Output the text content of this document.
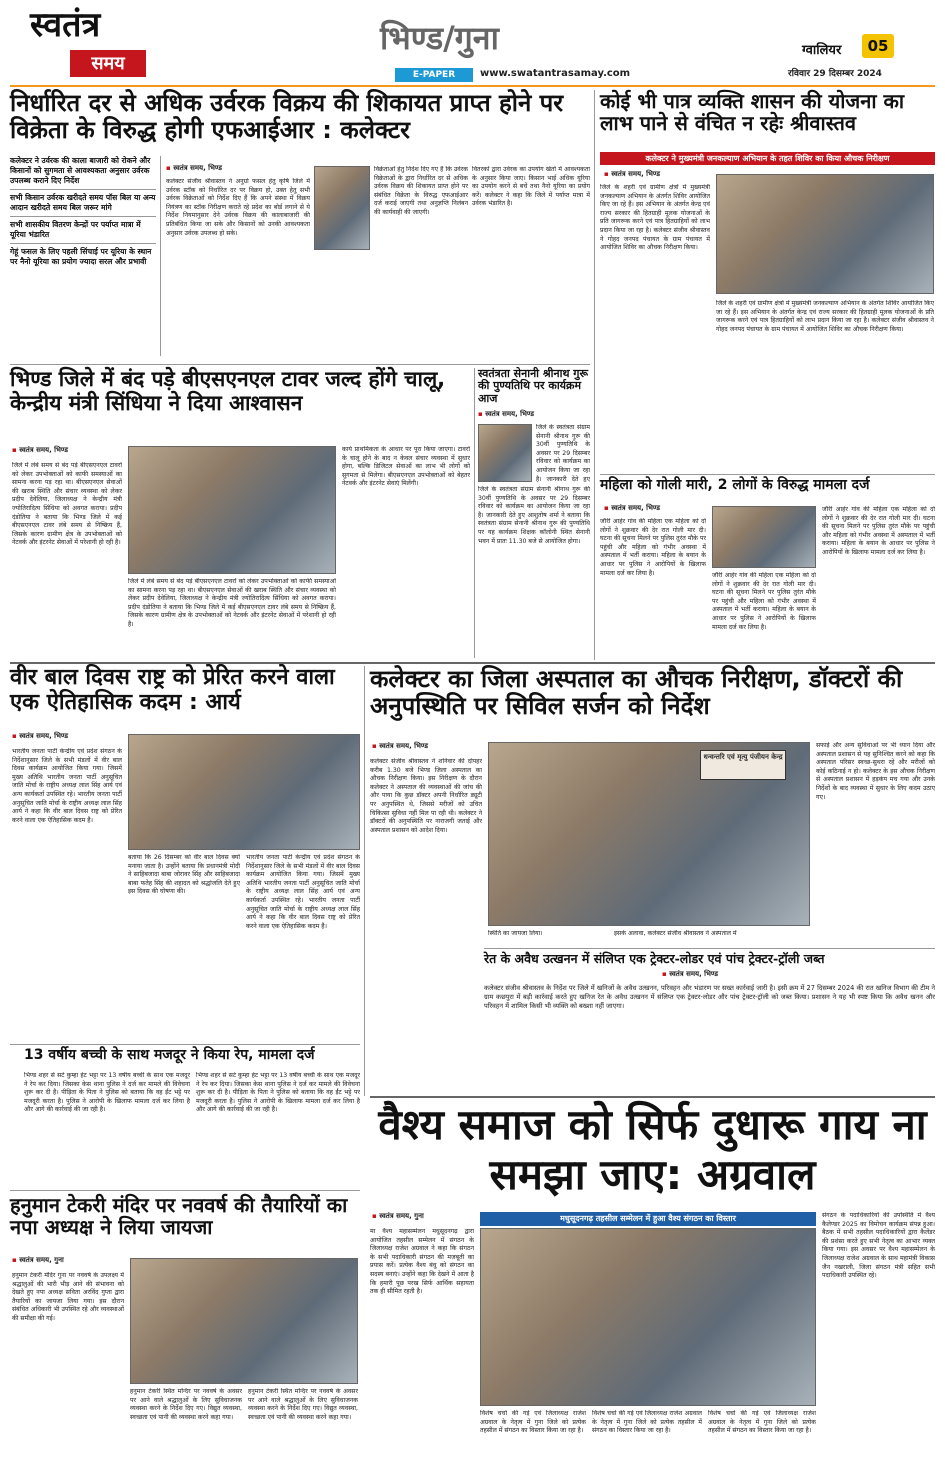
स्वतंत्र
समय
भिण्ड/गुना
E-PAPER	www.swatantrasamay.com
ग्वालियर	05
रविवार 29 दिसम्बर 2024
निर्धारित दर से अधिक उर्वरक विक्रय की शिकायत प्राप्त होने पर विक्रेता के विरुद्ध होगी एफआईआर : कलेक्टर
कलेक्टर ने उर्वरक की काला बाजारी को रोकने और किसानों को सुगमता से आवश्यकता अनुसार उर्वरक उपलब्ध कराने दिए निर्देश
सभी किसान उर्वरक खरीदते समय पॉस बिल या अन्य आदान खरीदते समय बिल जरूर मांगे
सभी शासकीय वितरण केन्द्रों पर पर्याप्त मात्रा में यूरिया भंडारित
गेहूं फसल के लिए पहली सिंचाई पर यूरिया के स्थान पर नैनो यूरिया का प्रयोग ज्यादा सरल और प्रभावी
▪ स्वतंत्र समय, भिण्ड
कलेक्टर संजीव श्रीवास्तव ने अनुग्रो फसल हेतु कृषि जिले में उर्वरक स्टॉक को निर्धारित दर पर विक्रय हो, उक्त हेतु सभी उर्वरक विक्रेताओं को निर्देश दिए हैं कि अपने संस्था में विक्रय नियंत्रण का स्टॉक निरीक्षण कराते रहे प्रदेश का बोर्ड लगाने से ये निर्देश नियमानुसार देने उर्वरक विक्रय की कालाबाजारी की प्रतिबंधित किया जा सके और किसानों को उनकी आवश्यकता अनुसार उर्वरक उपलब्ध हो सके।
विक्रेताओं हेतु निर्देश दिए गए हैं कि उर्वरक विक्रेताओं के द्वारा निर्धारित दर से अधिक उर्वरक विक्रय की शिकायत प्राप्त होने पर संबंधित विक्रेता के विरुद्ध एफआईआर दर्ज कराई जाएगी तथा अनुज्ञप्ति निलंबन की कार्यवाही की जाएगी।
वितरकों द्वारा उर्वरक का उपयोग खेतों में आवश्यकता के अनुसार किया जाए। किसान भाई अधिक यूरिया का उपयोग करने से बचें तथा नैनो यूरिया का प्रयोग करें। कलेक्टर ने कहा कि जिले में पर्याप्त मात्रा में उर्वरक भंडारित है।
कोई भी पात्र व्यक्ति शासन की योजना का लाभ पाने से वंचित न रहेः श्रीवास्तव
कलेक्टर ने मुख्यमंत्री जनकल्याण अभियान के तहत शिविर का किया औचक निरीक्षण
▪ स्वतंत्र समय, भिण्ड
जिले के शहरी एवं ग्रामीण क्षेत्रों में मुख्यमंत्री जनकल्याण अभियान के अंतर्गत शिविर आयोजित किए जा रहे हैं। इस अभियान के अंतर्गत केन्द्र एवं राज्य सरकार की हितग्राही मूलक योजनाओं के प्रति जागरूक करने एवं पात्र हितग्राहियों को लाभ प्रदान किया जा रहा है। कलेक्टर संजीव श्रीवास्तव ने गोहद जनपद पंचायत के ग्राम पंचायत में आयोजित शिविर का औचक निरीक्षण किया।
जिले के शहरी एवं ग्रामीण क्षेत्रों में मुख्यमंत्री जनकल्याण अभियान के अंतर्गत शिविर आयोजित किए जा रहे हैं। इस अभियान के अंतर्गत केन्द्र एवं राज्य सरकार की हितग्राही मूलक योजनाओं के प्रति जागरूक करने एवं पात्र हितग्राहियों को लाभ प्रदान किया जा रहा है। कलेक्टर संजीव श्रीवास्तव ने गोहद जनपद पंचायत के ग्राम पंचायत में आयोजित शिविर का औचक निरीक्षण किया।
भिण्ड जिले में बंद पड़े बीएसएनएल टावर जल्द होंगे चालू, केन्द्रीय मंत्री सिंधिया ने दिया आश्वासन
▪ स्वतंत्र समय, भिण्ड
जिले में लंबे समय से बंद पड़े बीएसएनएल टावरों को लेकर उपभोक्ताओं को काफी समस्याओं का सामना करना पड़ रहा था। बीएसएनएल सेवाओं की खराब स्थिति और संचार व्यवस्था को लेकर प्रदीप देवेलिया, जिलाध्यक्ष ने केन्द्रीय मंत्री ज्योतिरादित्य सिंधिया को अवगत कराया। प्रदीप दंडोतिया ने बताया कि भिण्ड जिले में कई बीएसएनएल टावर लंबे समय से निष्क्रिय हैं, जिसके कारण ग्रामीण क्षेत्र के उपभोक्ताओं को नेटवर्क और इंटरनेट सेवाओं में परेशानी हो रही है।
जिले में लंबे समय से बंद पड़े बीएसएनएल टावरों को लेकर उपभोक्ताओं को काफी समस्याओं का सामना करना पड़ रहा था। बीएसएनएल सेवाओं की खराब स्थिति और संचार व्यवस्था को लेकर प्रदीप देवेलिया, जिलाध्यक्ष ने केन्द्रीय मंत्री ज्योतिरादित्य सिंधिया को अवगत कराया। प्रदीप दंडोतिया ने बताया कि भिण्ड जिले में कई बीएसएनएल टावर लंबे समय से निष्क्रिय हैं, जिसके कारण ग्रामीण क्षेत्र के उपभोक्ताओं को नेटवर्क और इंटरनेट सेवाओं में परेशानी हो रही है।
कार्य प्राथमिकता के आधार पर पूरा किया जाएगा। टावरों के चालू होने के बाद न केवल संचार व्यवस्था में सुधार होगा, बल्कि डिजिटल सेवाओं का लाभ भी लोगों को सुगमता से मिलेगा। बीएसएनएल उपभोक्ताओं को बेहतर नेटवर्क और इंटरनेट सेवाएं मिलेंगी।
स्वतंत्रता सेनानी श्रीनाथ गुरू की पुण्यतिथि पर कार्यक्रम आज
▪ स्वतंत्र समय, भिण्ड
जिले के स्वतंत्रता संग्राम सेनानी श्रीनाथ गुरू की 30वीं पुण्यतिथि के अवसर पर 29 दिसम्बर रविवार को कार्यक्रम का आयोजन किया जा रहा है। जानकारी देते हुए
जिले के स्वतंत्रता संग्राम सेनानी श्रीनाथ गुरू की 30वीं पुण्यतिथि के अवसर पर 29 दिसम्बर रविवार को कार्यक्रम का आयोजन किया जा रहा है। जानकारी देते हुए आशुतोष शर्मा ने बताया कि स्वतंत्रता संग्राम सेनानी श्रीनाथ गुरू की पुण्यतिथि पर यह कार्यक्रम शिक्षक कॉलोनी स्थित सेनानी भवन में प्रातः 11.30 बजे से आयोजित होगा।
महिला को गोली मारी, 2 लोगों के विरुद्ध मामला दर्ज
▪ स्वतंत्र समय, भिण्ड
जौरी आहेर गांव की महिला एक महिला को दो लोगों ने शुक्रवार की देर रात गोली मार दी। घटना की सूचना मिलने पर पुलिस तुरंत मौके पर पहुंची और महिला को गंभीर अवस्था में अस्पताल में भर्ती कराया। महिला के बयान के आधार पर पुलिस ने आरोपियों के खिलाफ मामला दर्ज कर लिया है।	जौरी आहेर गांव की महिला एक महिला को दो लोगों ने शुक्रवार की देर रात गोली मार दी। घटना की सूचना मिलने पर पुलिस तुरंत मौके पर पहुंची और महिला को गंभीर अवस्था में अस्पताल में भर्ती कराया। महिला के बयान के आधार पर पुलिस ने आरोपियों के खिलाफ मामला दर्ज कर लिया है।
जौरी आहेर गांव की महिला एक महिला को दो लोगों ने शुक्रवार की देर रात गोली मार दी। घटना की सूचना मिलने पर पुलिस तुरंत मौके पर पहुंची और महिला को गंभीर अवस्था में अस्पताल में भर्ती कराया। महिला के बयान के आधार पर पुलिस ने आरोपियों के खिलाफ मामला दर्ज कर लिया है।
वीर बाल दिवस राष्ट्र को प्रेरित करने वाला एक ऐतिहासिक कदम : आर्य
▪ स्वतंत्र समय, भिण्ड
भारतीय जनता पार्टी केन्द्रीय एवं प्रदेश संगठन के निर्देशानुसार जिले के सभी मंडलों में वीर बाल दिवस कार्यक्रम आयोजित किया गया। जिसमें मुख्य अतिथि भारतीय जनता पार्टी अनुसूचित जाति मोर्चा के राष्ट्रीय अध्यक्ष लाल सिंह आर्य एवं अन्य कार्यकर्ता उपस्थित रहे। भारतीय जनता पार्टी अनुसूचित जाति मोर्चा के राष्ट्रीय अध्यक्ष लाल सिंह आर्य ने कहा कि वीर बाल दिवस राष्ट्र को प्रेरित करने वाला एक ऐतिहासिक कदम है।
बताया कि 26 दिसम्बर को वीर बाल दिवस क्यों मनाया जाता है। उन्होंने बताया कि प्रधानमंत्री मोदी ने साहिबजादा बाबा जोरावर सिंह और साहिबजादा बाबा फतेह सिंह की शहादत को श्रद्धांजलि देते हुए इस दिवस की घोषणा की।
भारतीय जनता पार्टी केन्द्रीय एवं प्रदेश संगठन के निर्देशानुसार जिले के सभी मंडलों में वीर बाल दिवस कार्यक्रम आयोजित किया गया। जिसमें मुख्य अतिथि भारतीय जनता पार्टी अनुसूचित जाति मोर्चा के राष्ट्रीय अध्यक्ष लाल सिंह आर्य एवं अन्य कार्यकर्ता उपस्थित रहे। भारतीय जनता पार्टी अनुसूचित जाति मोर्चा के राष्ट्रीय अध्यक्ष लाल सिंह आर्य ने कहा कि वीर बाल दिवस राष्ट्र को प्रेरित करने वाला एक ऐतिहासिक कदम है।
कलेक्टर का जिला अस्पताल का औचक निरीक्षण, डॉक्टरों की अनुपस्थिति पर सिविल सर्जन को निर्देश
▪ स्वतंत्र समय, भिण्ड
कलेक्टर संजीव श्रीवास्तव ने शनिवार की दोपहर करीब 1.30 बजे भिण्ड जिला अस्पताल का औचक निरीक्षण किया। इस निरीक्षण के दौरान कलेक्टर ने अस्पताल की व्यवस्थाओं की जांच की और पाया कि कुछ डॉक्टर अपनी निर्धारित ड्यूटी पर अनुपस्थित थे, जिससे मरीजों को उचित चिकित्सा सुविधा नहीं मिल पा रही थी। कलेक्टर ने डॉक्टरों की अनुपस्थिति पर नाराजगी जताई और अस्पताल प्रशासन को आदेश दिया।
धन्वन्तरि एवं मृत्यु पंजीयन केन्द्र
स्थिति का जायजा लिया।	इसके अलावा, कलेक्टर संजीव श्रीवास्तव ने अस्पताल में
सफाई और अन्य सुविधाओं पर भी ध्यान दिया और अस्पताल प्रशासन से यह सुनिश्चित करने को कहा कि अस्पताल परिसर स्वच्छ-सुथरा रहे और मरीजों को कोई कठिनाई न हो। कलेक्टर के इस औचक निरीक्षण से अस्पताल प्रशासन में हड़कंप मच गया और उनके निर्देशों के बाद व्यवस्था में सुधार के लिए कदम उठाए गए।
रेत के अवैध उत्खनन में संलिप्त एक ट्रेक्टर-लोडर एवं पांच ट्रेक्टर-ट्रॉली जब्त
▪ स्वतंत्र समय, भिण्ड
कलेक्टर संजीव श्रीवास्तव के निर्देश पर जिले में खनिजों के अवैध उत्खनन, परिवहन और भंडारण पर सख्त कार्रवाई जारी है। इसी क्रम में 27 दिसम्बर 2024 की रात खनिज विभाग की टीम ने ग्राम कछपुरा में बड़ी कार्रवाई करते हुए खनिज रेत के अवैध उत्खनन में संलिप्त एक ट्रेक्टर-लोडर और पांच ट्रेक्टर-ट्रॉली को जब्त किया। प्रशासन ने यह भी स्पष्ट किया कि अवैध खनन और परिवहन में शामिल किसी भी व्यक्ति को बख्शा नहीं जाएगा।
13 वर्षीय बच्ची के साथ मजदूर ने किया रेप, मामला दर्ज
भिण्ड शहर से सटे कुम्हा हेट भट्टा पर 13 वर्षीय बच्ची के साथ एक मजदूर ने रेप कर दिया। जिसका केस थाना पुलिस ने दर्ज कर मामले की विवेचना शुरू कर दी है। पीड़िता के पिता ने पुलिस को बताया कि वह ईंट भट्टे पर मजदूरी करता है। पुलिस ने आरोपी के खिलाफ मामला दर्ज कर लिया है और आगे की कार्रवाई की जा रही है।
भिण्ड शहर से सटे कुम्हा हेट भट्टा पर 13 वर्षीय बच्ची के साथ एक मजदूर ने रेप कर दिया। जिसका केस थाना पुलिस ने दर्ज कर मामले की विवेचना शुरू कर दी है। पीड़िता के पिता ने पुलिस को बताया कि वह ईंट भट्टे पर मजदूरी करता है। पुलिस ने आरोपी के खिलाफ मामला दर्ज कर लिया है और आगे की कार्रवाई की जा रही है।
हनुमान टेकरी मंदिर पर नववर्ष की तैयारियों का नपा अध्यक्ष ने लिया जायजा
▪ स्वतंत्र समय, गुना
हनुमान टेकरी मंदिर गुना पर नववर्ष के उपलक्ष्य में श्रद्धालुओं की भारी भीड़ आने की संभावना को देखते हुए नपा अध्यक्ष सविता अरविंद गुप्ता द्वारा तैयारियों का जायजा लिया गया। इस दौरान संबंधित अधिकारी भी उपस्थित रहे और व्यवस्थाओं की समीक्षा की गई।
हनुमान टेकरी स्थित मन्दिर पर नववर्ष के अवसर पर आने वाले श्रद्धालुओं के लिए सुविधाजनक व्यवस्था करने के निर्देश दिए गए। विद्युत व्यवस्था, स्वच्छता एवं पानी की व्यवस्था करने कहा गया।
हनुमान टेकरी स्थित मन्दिर पर नववर्ष के अवसर पर आने वाले श्रद्धालुओं के लिए सुविधाजनक व्यवस्था करने के निर्देश दिए गए। विद्युत व्यवस्था, स्वच्छता एवं पानी की व्यवस्था करने कहा गया।
वैश्य समाज को सिर्फ दुधारू गाय ना समझा जाए: अग्रवाल
▪ स्वतंत्र समय, गुना
मा वैश्य महासम्मेलन मधुसूदनगढ़ द्वारा आयोजित तहसील सम्मेलन में संगठन के जिलाध्यक्ष राजेश अग्रवाल ने कहा कि संगठन के सभी पदाधिकारी संगठन की मजबूती का प्रयास करें। प्रत्येक वैश्य बंधु को संगठन का सदस्य बनाएं। उन्होंने कहा कि देखने में आता है कि हमारी पूछ परख सिर्फ आर्थिक सहायता तक ही सीमित रहती है।
मधुसूदनगढ़ तहसील सम्मेलन में हुआ वैश्य संगठन का विस्तार
विशेष चर्चा की गई एवं जिलाध्यक्ष राजेश अग्रवाल के नेतृत्व में गुना जिले को प्रत्येक तहसील में संगठन का विस्तार किया जा रहा है।
विशेष चर्चा की गई एवं जिलाध्यक्ष राजेश अग्रवाल के नेतृत्व में गुना जिले को प्रत्येक तहसील में संगठन का विस्तार किया जा रहा है।
विशेष चर्चा की गई एवं जिलाध्यक्ष राजेश अग्रवाल के नेतृत्व में गुना जिले को प्रत्येक तहसील में संगठन का विस्तार किया जा रहा है।
संगठन के पदाधिकारियों की उपस्थिति में वैश्य कैलेण्डर 2025 का विमोचन कार्यक्रम संपन्न हुआ। बैठक में सभी तहसील पदाधिकारियों द्वारा कैलेंडर की प्रशंसा करते हुए सभी नेतृत्व का आभार व्यक्त किया गया। इस अवसर पर वैश्य महासम्मेलन के जिलाध्यक्ष राजेश अग्रवाल के साथ महामंत्री विकास जैन नखराली, जिला संगठन मंत्री सहित सभी पदाधिकारी उपस्थित रहे।
